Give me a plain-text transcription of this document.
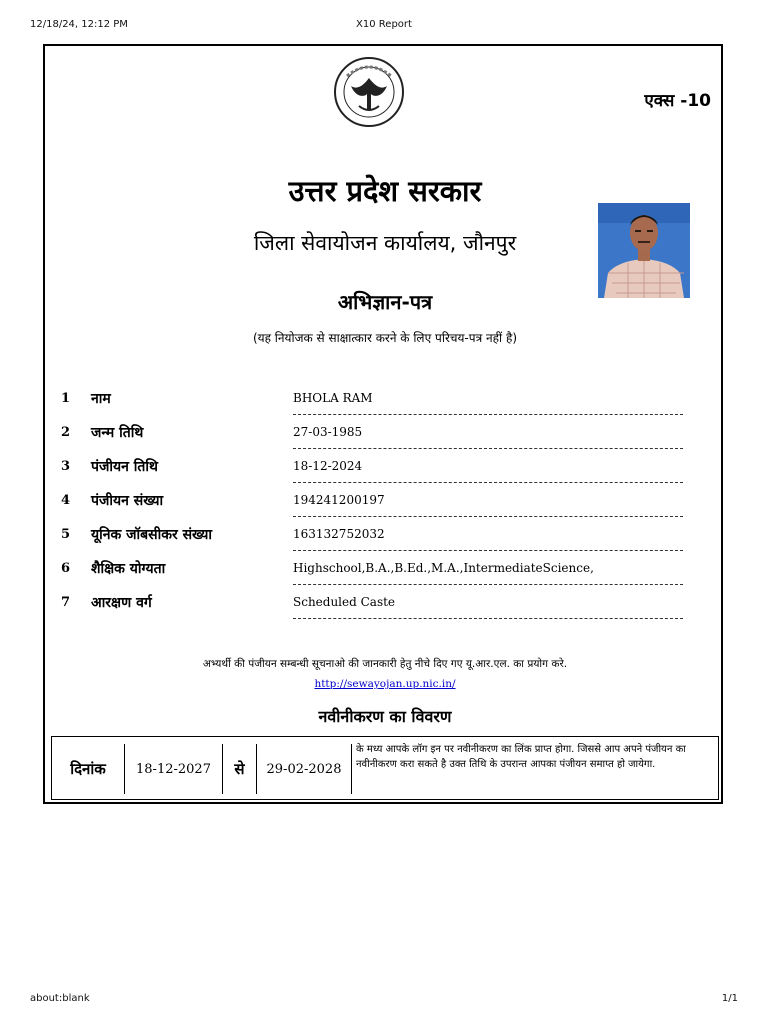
12/18/24, 12:12 PM	X10 Report
एक्स -10
उत्तर प्रदेश सरकार
जिला सेवायोजन कार्यालय, जौनपुर
अभिज्ञान-पत्र
(यह नियोजक से साक्षात्कार करने के लिए परिचय-पत्र नहीं है)
1 नाम	BHOLA RAM
2 जन्म तिथि	27-03-1985
3 पंजीयन तिथि	18-12-2024
4 पंजीयन संख्या	194241200197
5 यूनिक जॉबसीकर संख्या	163132752032
6 शैक्षिक योग्यता	Highschool,B.A.,B.Ed.,M.A.,IntermediateScience,
7 आरक्षण वर्ग	Scheduled Caste
अभ्यर्थी की पंजीयन सम्बन्धी सूचनाओ की जानकारी हेतु नीचे दिए गए यू.आर.एल. का प्रयोग करे.
http://sewayojan.up.nic.in/
नवीनीकरण का विवरण
दिनांक	18-12-2027	से	29-02-2028
के मध्य आपके लॉग इन पर नवीनीकरण का लिंक प्राप्त होगा. जिससे आप अपने पंजीयन का नवीनीकरण करा सकते है उक्त तिथि के उपरान्त आपका पंजीयन समाप्त हो जायेगा.
about:blank	1/1
